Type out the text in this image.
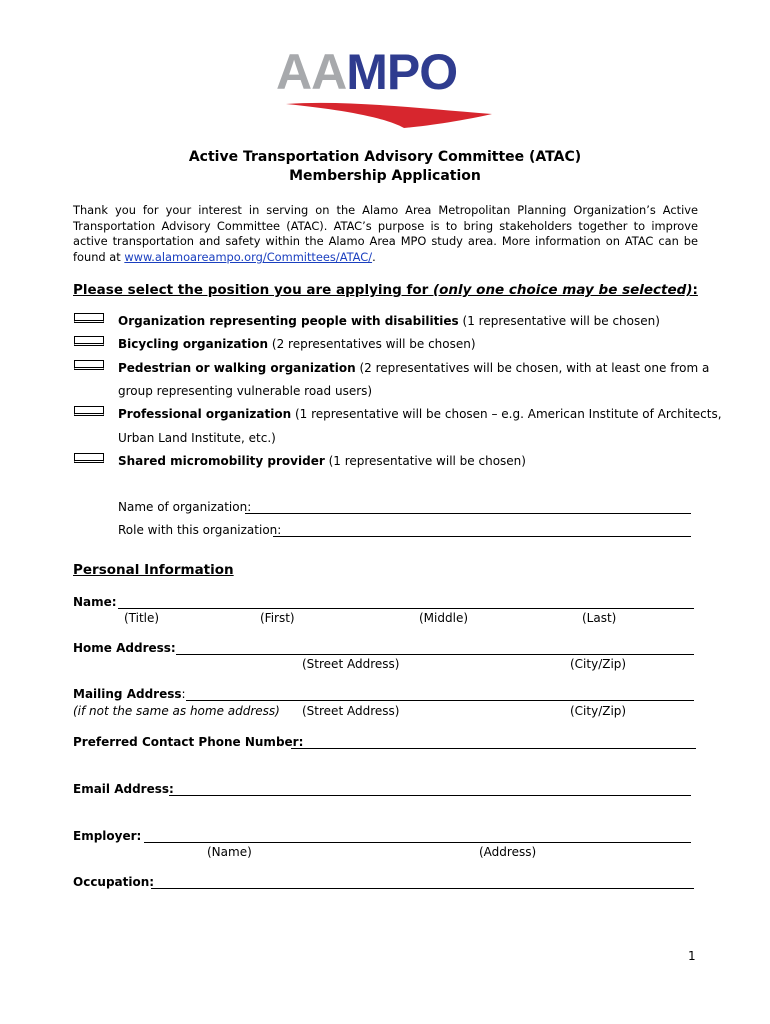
AAMPO
Active Transportation Advisory Committee (ATAC)
Membership Application
Thank you for your interest in serving on the Alamo Area Metropolitan Planning Organization’s Active Transportation Advisory Committee (ATAC). ATAC’s purpose is to bring stakeholders together to improve active transportation and safety within the Alamo Area MPO study area. More information on ATAC can be found at www.alamoareampo.org/Committees/ATAC/.
Please select the position you are applying for (only one choice may be selected):
Organization representing people with disabilities (1 representative will be chosen)
Bicycling organization (2 representatives will be chosen)
Pedestrian or walking organization (2 representatives will be chosen, with at least one from a
group representing vulnerable road users)
Professional organization (1 representative will be chosen – e.g. American Institute of Architects,
Urban Land Institute, etc.)
Shared micromobility provider (1 representative will be chosen)
Name of organization:
Role with this organization:
Personal Information
Name:
(Title)	(First)	(Middle)	(Last)
Home Address:
(Street Address)	(City/Zip)
Mailing Address:
(if not the same as home address) (Street Address)	(City/Zip)
Preferred Contact Phone Number:
Email Address:
Employer:
(Name)	(Address)
Occupation:
1
